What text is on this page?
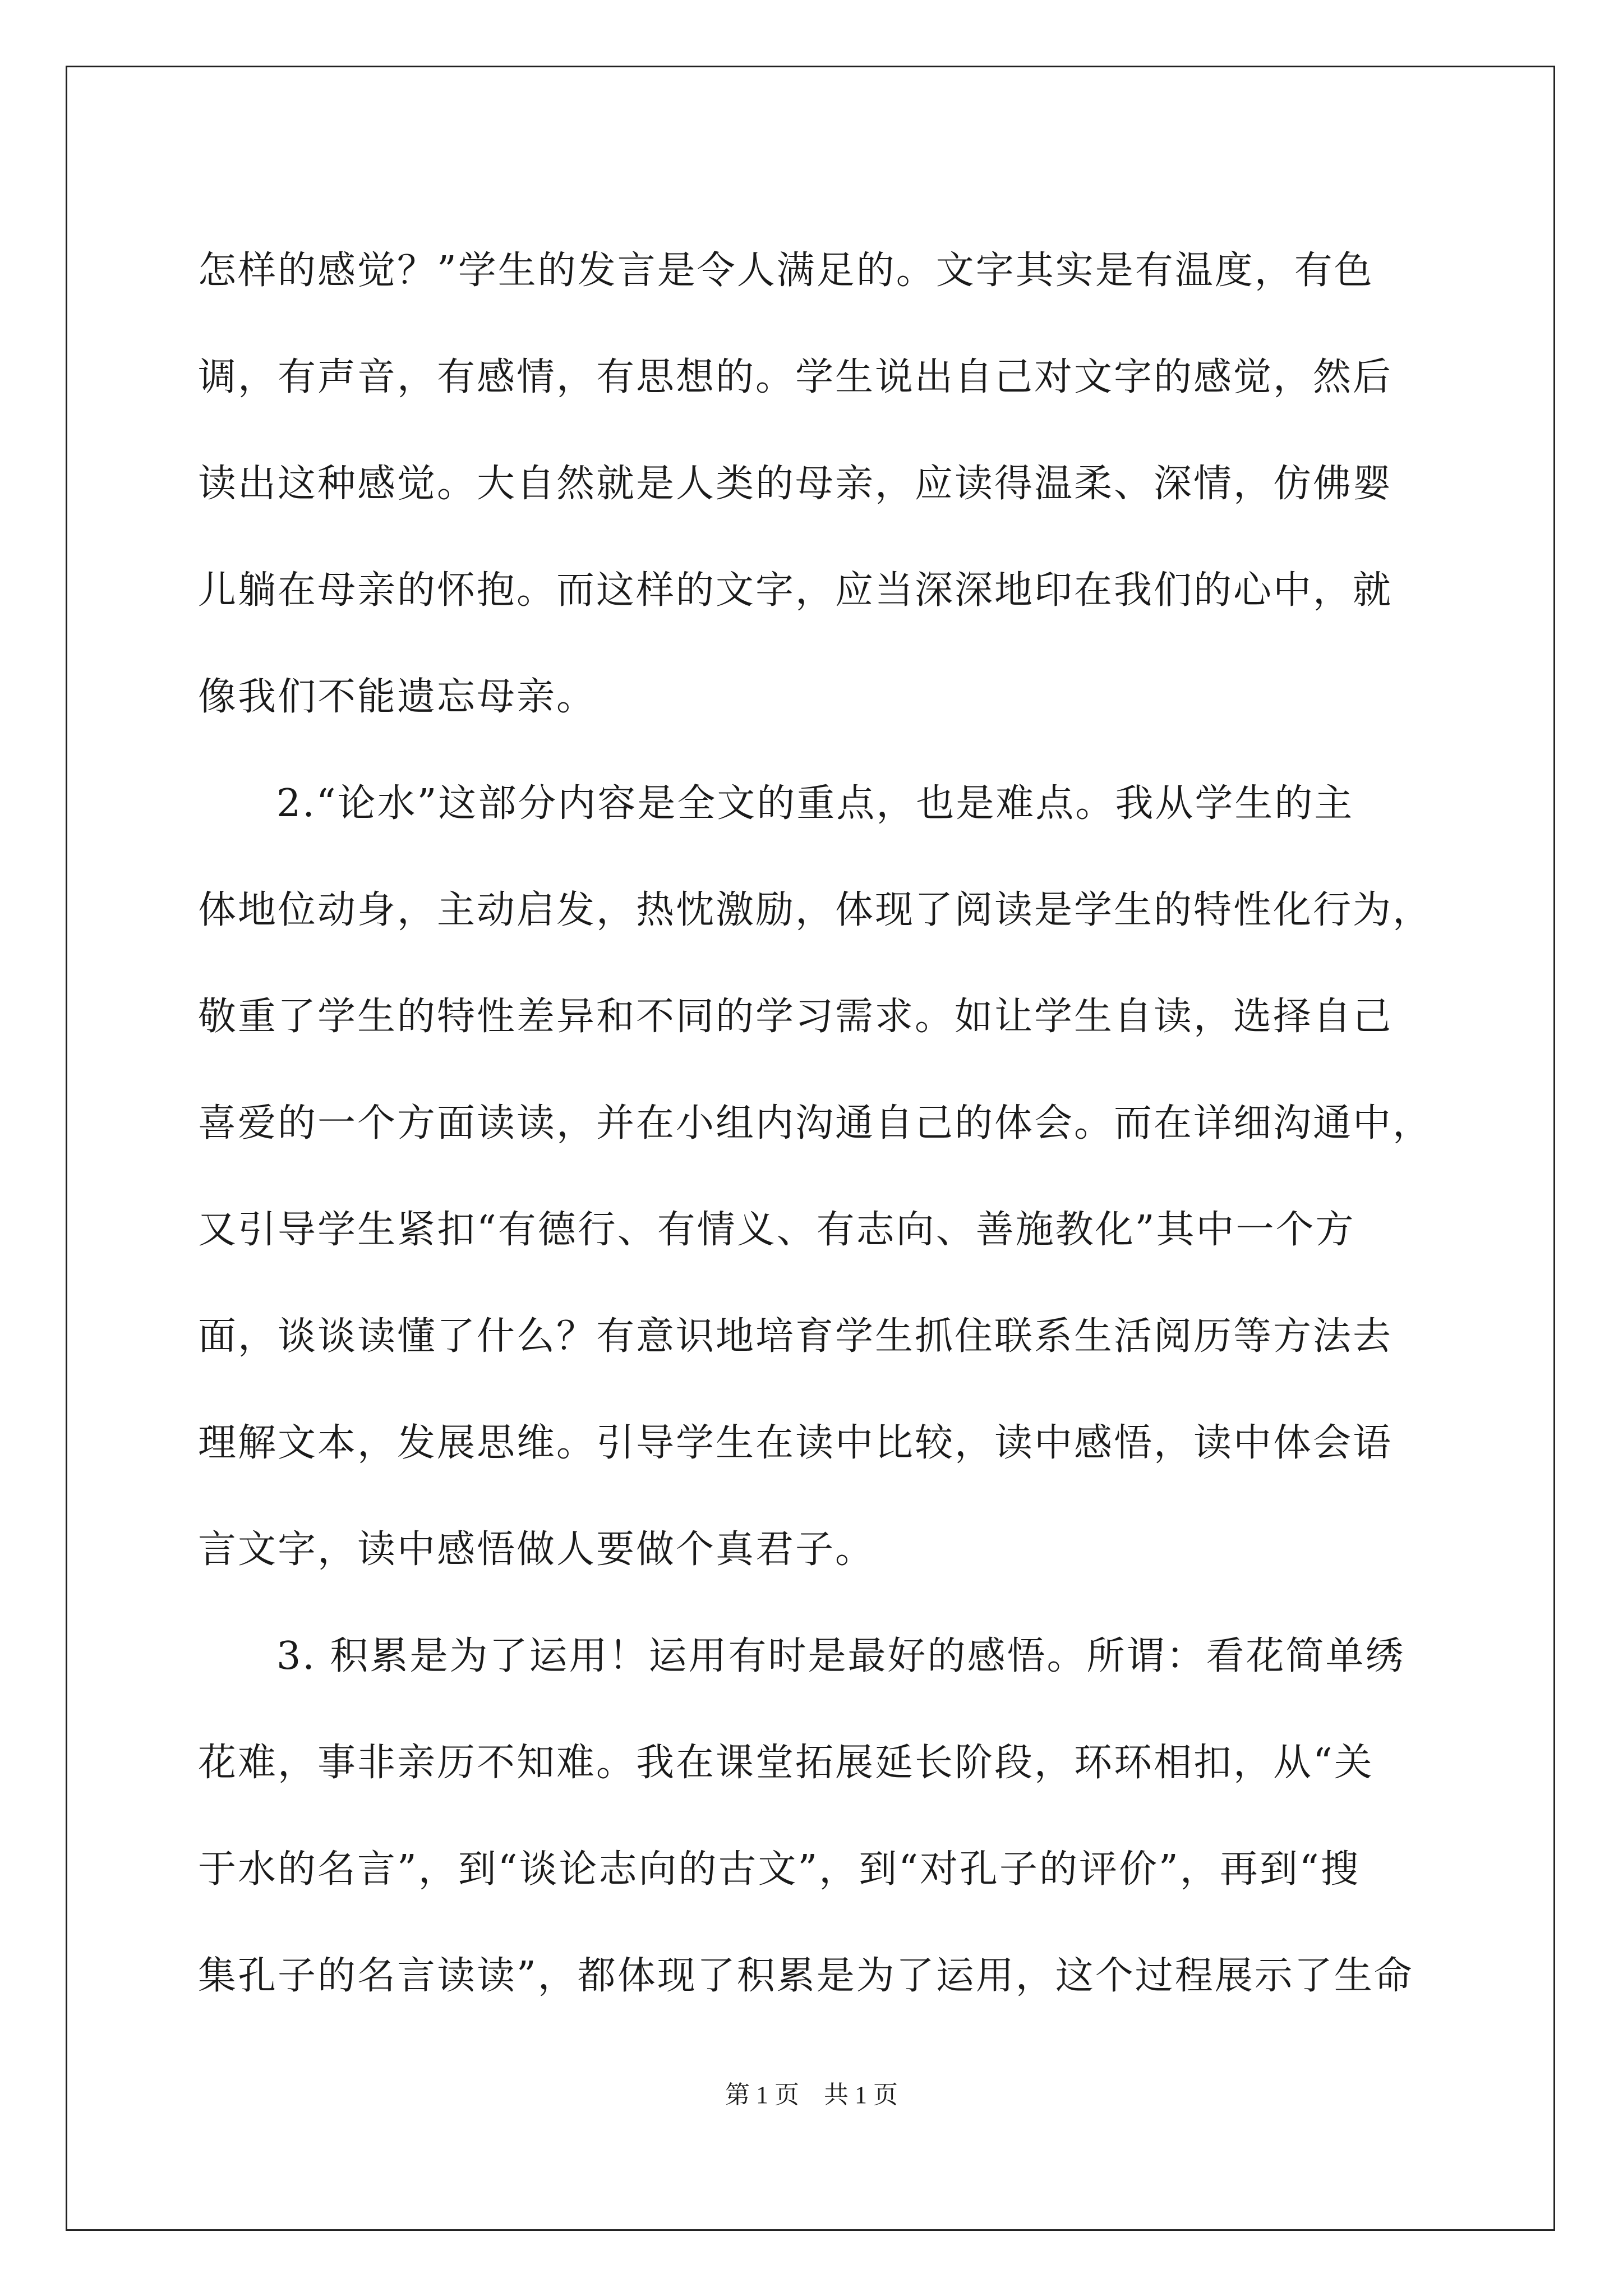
怎样的感觉？”学生的发言是令人满足的。文字其实是有温度，有色
调，有声音，有感情，有思想的。学生说出自己对文字的感觉，然后
读出这种感觉。大自然就是人类的母亲，应读得温柔、深情，仿佛婴
儿躺在母亲的怀抱。而这样的文字，应当深深地印在我们的心中，就
像我们不能遗忘母亲。
2.“论水”这部分内容是全文的重点，也是难点。我从学生的主
体地位动身，主动启发，热忱激励，体现了阅读是学生的特性化行为，
敬重了学生的特性差异和不同的学习需求。如让学生自读，选择自己
喜爱的一个方面读读，并在小组内沟通自己的体会。而在详细沟通中，
又引导学生紧扣“有德行、有情义、有志向、善施教化”其中一个方
面，谈谈读懂了什么？有意识地培育学生抓住联系生活阅历等方法去
理解文本，发展思维。引导学生在读中比较，读中感悟，读中体会语
言文字，读中感悟做人要做个真君子。
3. 积累是为了运用！运用有时是最好的感悟。所谓：看花简单绣
花难，事非亲历不知难。我在课堂拓展延长阶段，环环相扣，从“关
于水的名言”，到“谈论志向的古文”，到“对孔子的评价”，再到“搜
集孔子的名言读读”，都体现了积累是为了运用，这个过程展示了生命
第 1 页　共 1 页
